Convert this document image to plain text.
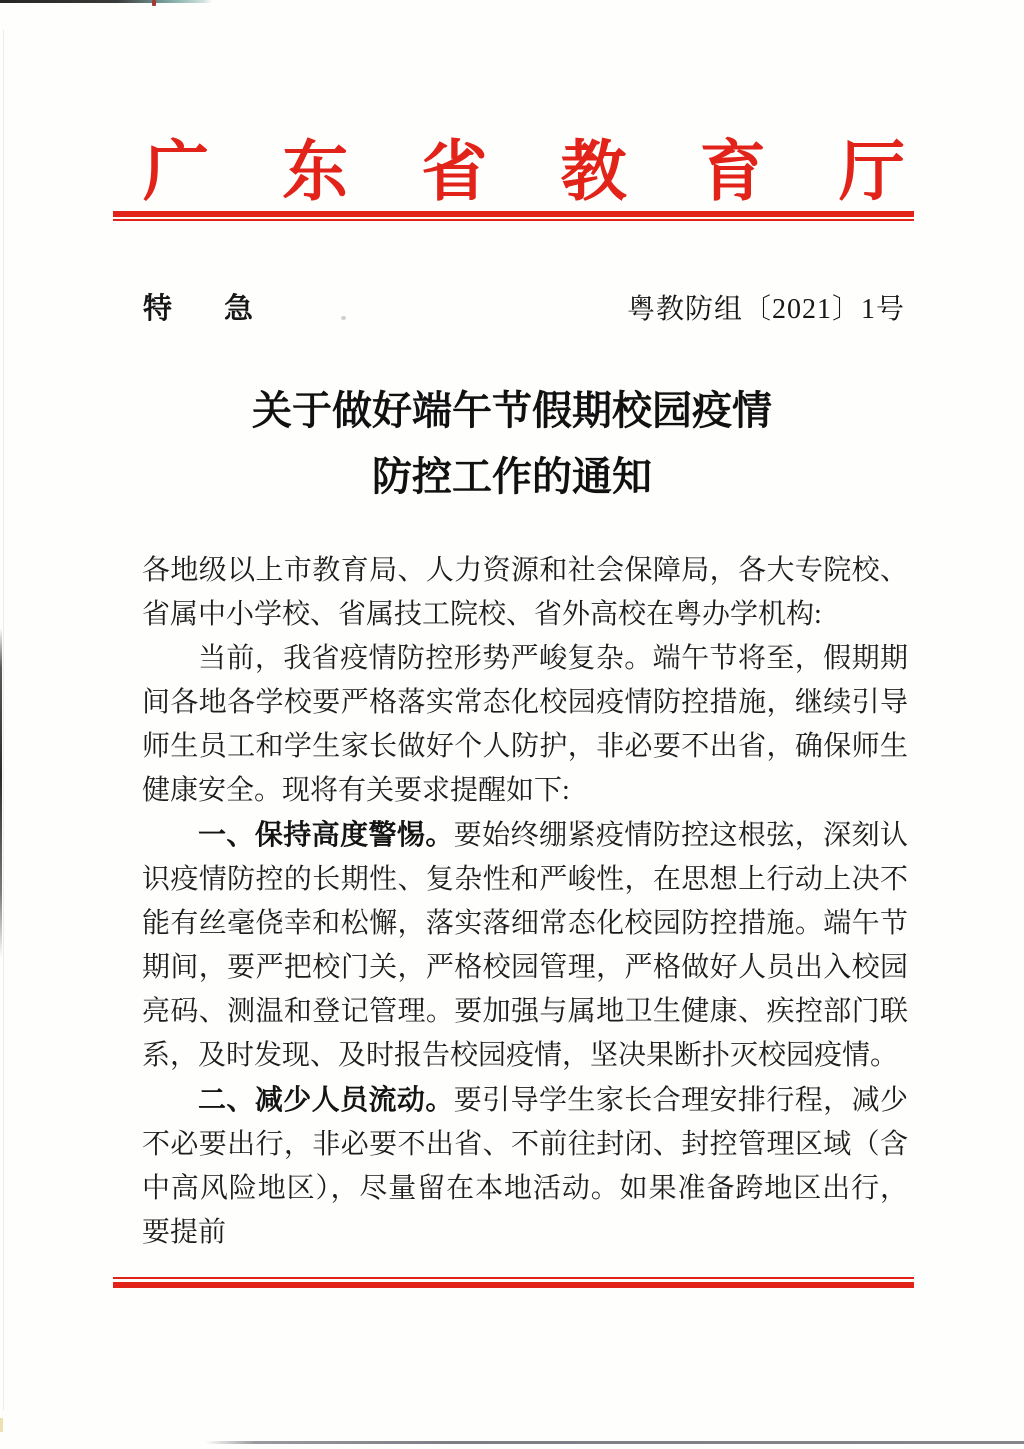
广 东 省 教 育 厅
特 急	粤教防组〔2021〕1号
关于做好端午节假期校园疫情
防控工作的通知

各地级以上市教育局、人力资源和社会保障局，各大专院校、省属中小学校、省属技工院校、省外高校在粤办学机构:

当前，我省疫情防控形势严峻复杂。端午节将至，假期期间各地各学校要严格落实常态化校园疫情防控措施，继续引导师生员工和学生家长做好个人防护，非必要不出省，确保师生健康安全。现将有关要求提醒如下:

一、保持高度警惕。要始终绷紧疫情防控这根弦，深刻认识疫情防控的长期性、复杂性和严峻性，在思想上行动上决不能有丝毫侥幸和松懈，落实落细常态化校园防控措施。端午节期间，要严把校门关，严格校园管理，严格做好人员出入校园亮码、测温和登记管理。要加强与属地卫生健康、疾控部门联系，及时发现、及时报告校园疫情，坚决果断扑灭校园疫情。

二、减少人员流动。要引导学生家长合理安排行程，减少不必要出行，非必要不出省、不前往封闭、封控管理区域（含中高风险地区），尽量留在本地活动。如果准备跨地区出行，要提前
